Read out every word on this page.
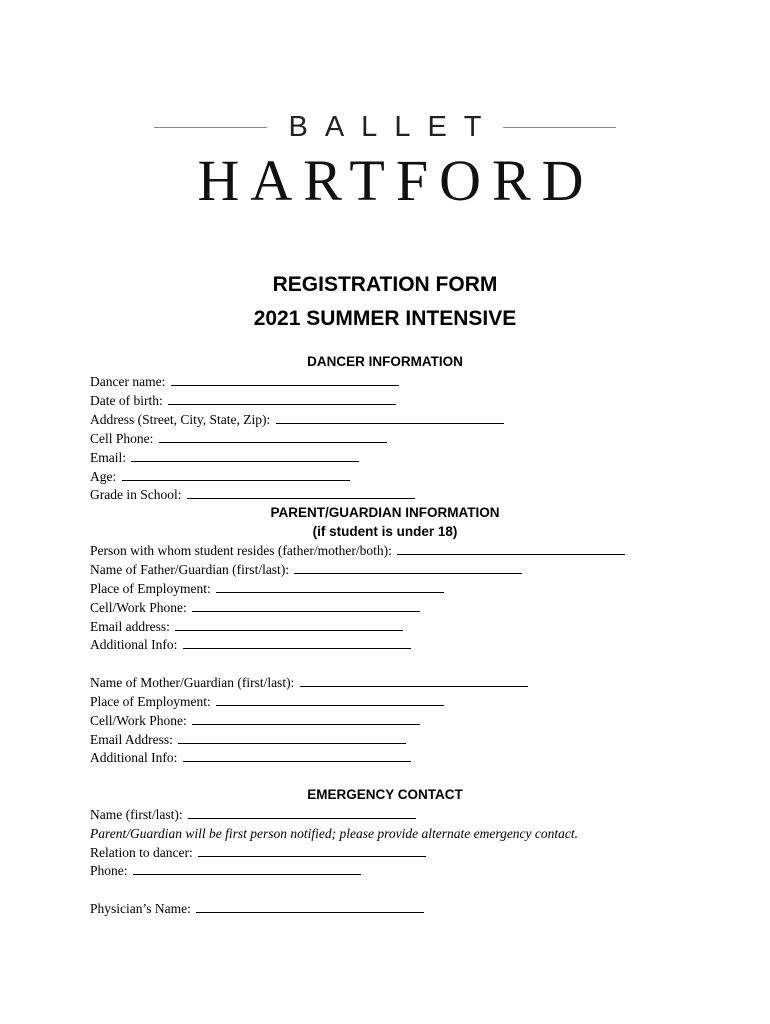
BALLET
HARTFORD
REGISTRATION FORM
2021 SUMMER INTENSIVE
DANCER INFORMATION
Dancer name:
Date of birth:
Address (Street, City, State, Zip):
Cell Phone:
Email:
Age:
Grade in School:
PARENT/GUARDIAN INFORMATION
(if student is under 18)
Person with whom student resides (father/mother/both):
Name of Father/Guardian (first/last):
Place of Employment:
Cell/Work Phone:
Email address:
Additional Info:
Name of Mother/Guardian (first/last):
Place of Employment:
Cell/Work Phone:
Email Address:
Additional Info:
EMERGENCY CONTACT
Name (first/last):
Parent/Guardian will be first person notified; please provide alternate emergency contact.
Relation to dancer:
Phone:
Physician’s Name:
